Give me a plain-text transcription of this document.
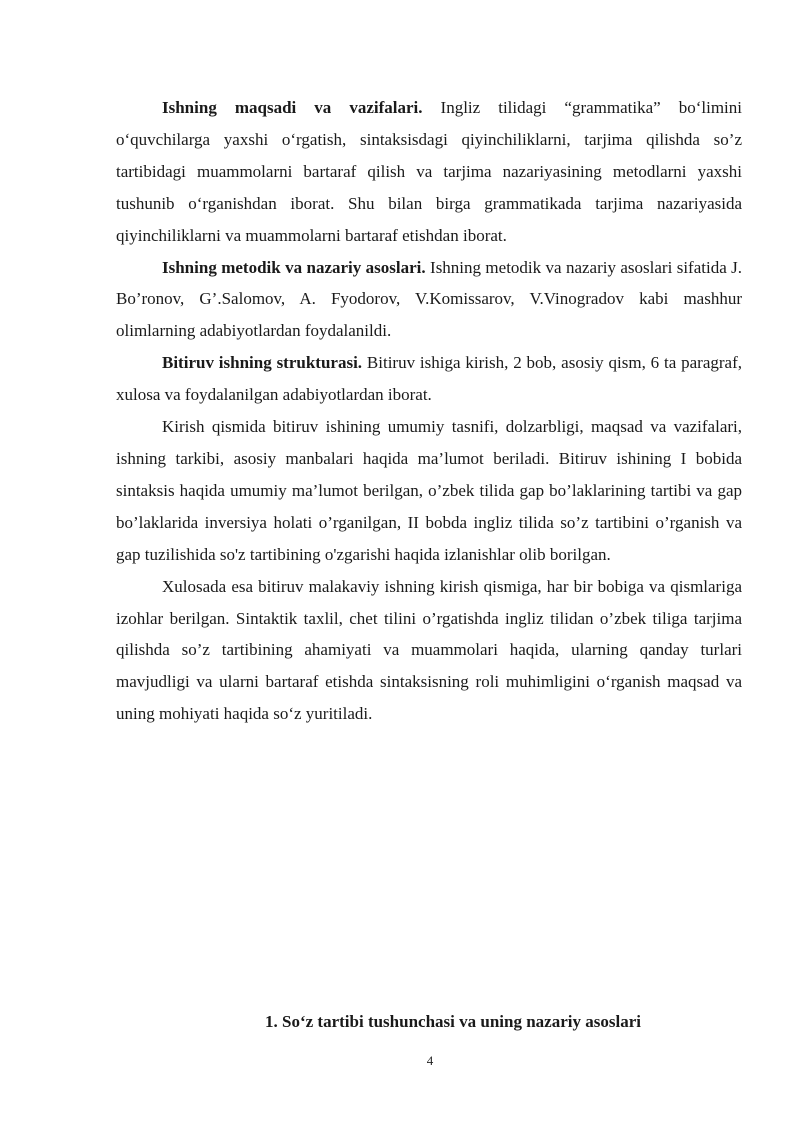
Ishning maqsadi va vazifalari. Ingliz tilidagi “grammatika” bo‘limini o‘quvchilarga yaxshi o‘rgatish, sintaksisdagi qiyinchiliklarni, tarjima qilishda so’z tartibidagi muammolarni bartaraf qilish va tarjima nazariyasining metodlarni yaxshi tushunib o‘rganishdan iborat. Shu bilan birga grammatikada tarjima nazariyasida qiyinchiliklarni va muammolarni bartaraf etishdan iborat.

Ishning metodik va nazariy asoslari. Ishning metodik va nazariy asoslari sifatida J. Bo’ronov, G’.Salomov, A. Fyodorov, V.Komissarov, V.Vinogradov kabi mashhur olimlarning adabiyotlardan foydalanildi.

Bitiruv ishning strukturasi. Bitiruv ishiga kirish, 2 bob, asosiy qism, 6 ta paragraf, xulosa va foydalanilgan adabiyotlardan iborat.

Kirish qismida bitiruv ishining umumiy tasnifi, dolzarbligi, maqsad va vazifalari, ishning tarkibi, asosiy manbalari haqida ma’lumot beriladi. Bitiruv ishining I bobida sintaksis haqida umumiy ma’lumot berilgan, o’zbek tilida gap bo’laklarining tartibi va gap bo’laklarida inversiya holati o’rganilgan, II bobda ingliz tilida so’z tartibini o’rganish va gap tuzilishida so'z tartibining o'zgarishi haqida izlanishlar olib borilgan.

Xulosada esa bitiruv malakaviy ishning kirish qismiga, har bir bobiga va qismlariga izohlar berilgan. Sintaktik taxlil, chet tilini o’rgatishda ingliz tilidan o’zbek tiliga tarjima qilishda so’z tartibining ahamiyati va muammolari haqida, ularning qanday turlari mavjudligi va ularni bartaraf etishda sintaksisning roli muhimligini o‘rganish maqsad va uning mohiyati haqida so‘z yuritiladi.

1. So‘z tartibi tushunchasi va uning nazariy asoslari
4
